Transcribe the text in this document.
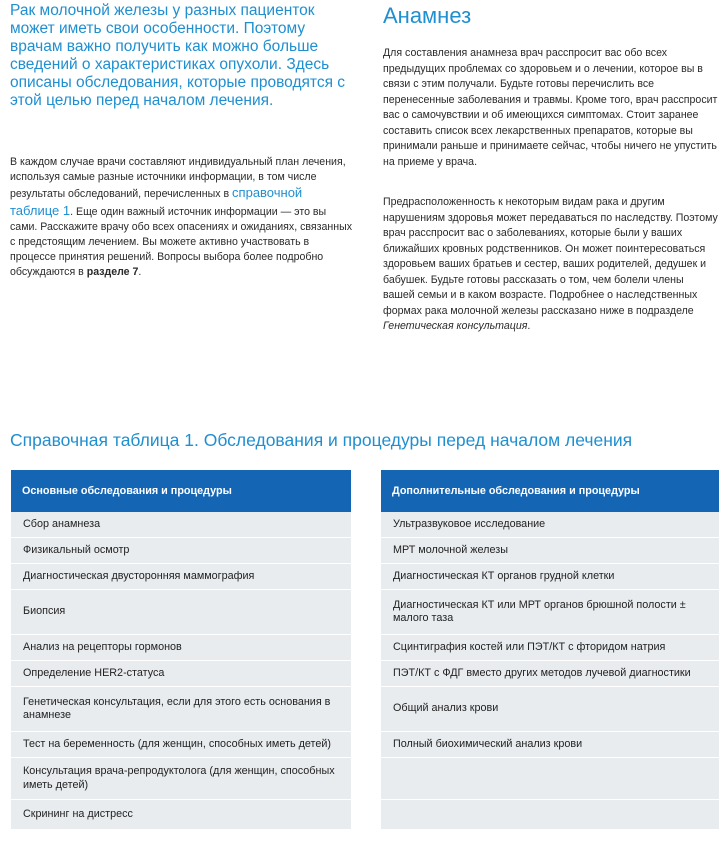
Рак молочной железы у разных пациенток может иметь свои особенности. Поэтому врачам важно получить как можно больше сведений о характеристиках опухоли. Здесь описаны обследования, которые проводятся с этой целью перед началом лечения.

В каждом случае врачи составляют индивидуальный план лечения, используя самые разные источники информации, в том числе результаты обследований, перечисленных в справочной таблице 1. Еще один важный источник информации — это вы сами. Расскажите врачу обо всех опасениях и ожиданиях, связанных с предстоящим лечением. Вы можете активно участвовать в процессе принятия решений. Вопросы выбора более подробно обсуждаются в разделе 7.

Анамнез

Для составления анамнеза врач расспросит вас обо всех предыдущих проблемах со здоровьем и о лечении, которое вы в связи с этим получали. Будьте готовы перечислить все перенесенные заболевания и травмы. Кроме того, врач расспросит вас о самочувствии и об имеющихся симптомах. Стоит заранее составить список всех лекарственных препаратов, которые вы принимали раньше и принимаете сейчас, чтобы ничего не упустить на приеме у врача.

Предрасположенность к некоторым видам рака и другим нарушениям здоровья может передаваться по наследству. Поэтому врач расспросит вас о заболеваниях, которые были у ваших ближайших кровных родственников. Он может поинтересоваться здоровьем ваших братьев и сестер, ваших родителей, дедушек и бабушек. Будьте готовы рассказать о том, чем болели члены вашей семьи и в каком возрасте. Подробнее о наследственных формах рака молочной железы рассказано ниже в подразделе Генетическая консультация.

Справочная таблица 1. Обследования и процедуры перед началом лечения
Основные обследования и процедуры
Сбор анамнеза
Физикальный осмотр
Диагностическая двусторонняя маммография
Биопсия
Анализ на рецепторы гормонов
Определение HER2-статуса
Генетическая консультация, если для этого есть основания в анамнезе
Тест на беременность (для женщин, способных иметь детей)
Консультация врача-репродуктолога (для женщин, способных иметь детей)
Скрининг на дистресс
Дополнительные обследования и процедуры
Ультразвуковое исследование
МРТ молочной железы
Диагностическая КТ органов грудной клетки
Диагностическая КТ или МРТ органов брюшной полости ± малого таза
Сцинтиграфия костей или ПЭТ/КТ с фторидом натрия
ПЭТ/КТ с ФДГ вместо других методов лучевой диагностики
Общий анализ крови
Полный биохимический анализ крови
